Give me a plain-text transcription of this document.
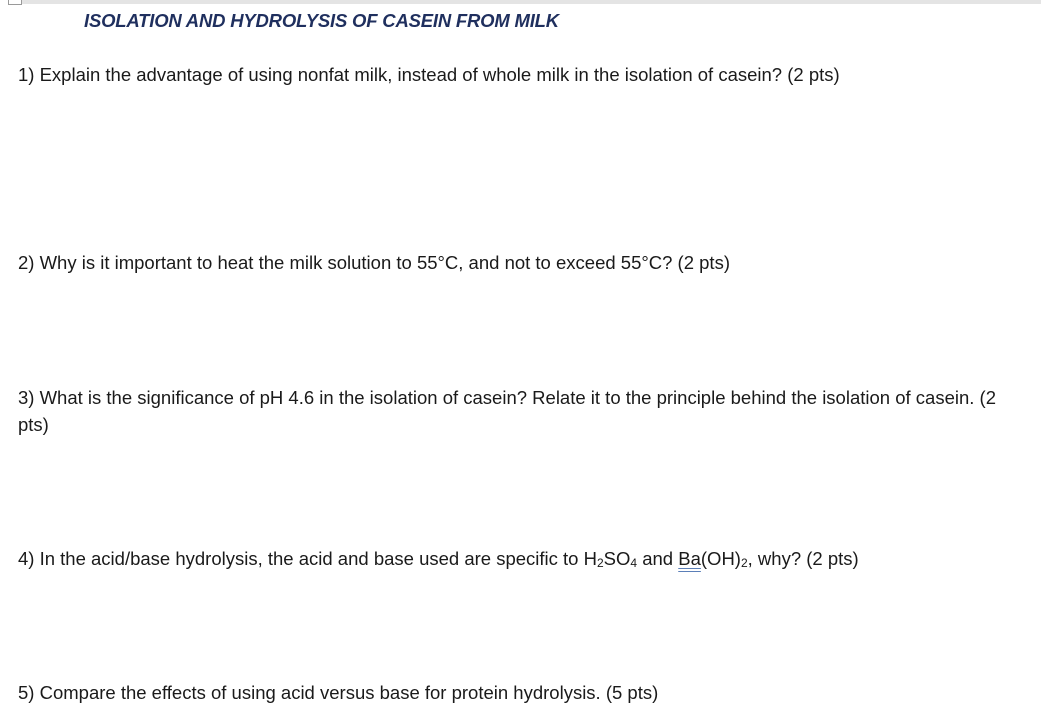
ISOLATION AND HYDROLYSIS OF CASEIN FROM MILK
1) Explain the advantage of using nonfat milk, instead of whole milk in the isolation of casein? (2 pts)
2) Why is it important to heat the milk solution to 55°C, and not to exceed 55°C? (2 pts)
3) What is the significance of pH 4.6 in the isolation of casein? Relate it to the principle behind the isolation of casein. (2 pts)
4) In the acid/base hydrolysis, the acid and base used are specific to $H_2SO_4$ and $Ba(OH)_2$, why? (2 pts)
5) Compare the effects of using acid versus base for protein hydrolysis. (5 pts)
